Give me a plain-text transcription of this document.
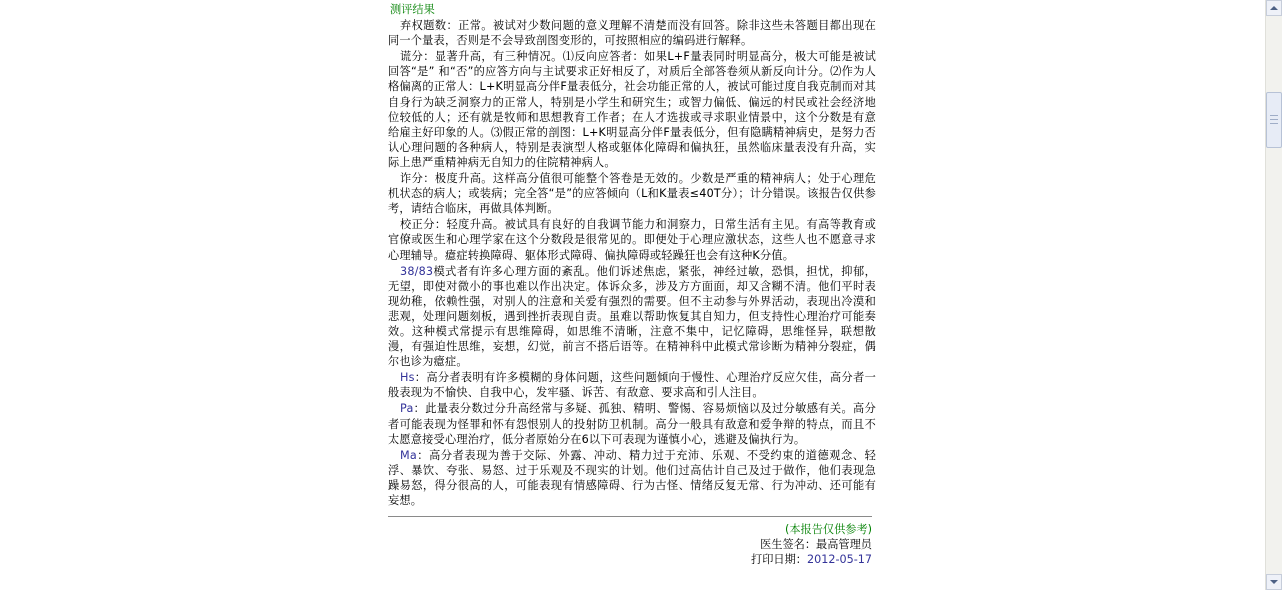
测评结果

弃权题数：正常。被试对少数问题的意义理解不清楚而没有回答。除非这些未答题目都出现在同一个量表，否则是不会导致剖图变形的，可按照相应的编码进行解释。

谎分：显著升高，有三种情况。⑴反向应答者：如果L+F量表同时明显高分，极大可能是被试回答“是” 和“否”的应答方向与主试要求正好相反了，对质后全部答卷须从新反向计分。⑵作为人格偏离的正常人：L+K明显高分伴F量表低分，社会功能正常的人，被试可能过度自我克制而对其自身行为缺乏洞察力的正常人，特别是小学生和研究生；或智力偏低、偏远的村民或社会经济地位较低的人；还有就是牧师和思想教育工作者；在人才选拔或寻求职业情景中，这个分数是有意给雇主好印象的人。⑶假正常的剖图：L+K明显高分伴F量表低分，但有隐瞒精神病史，是努力否认心理问题的各种病人，特别是表演型人格或躯体化障碍和偏执狂，虽然临床量表没有升高，实际上患严重精神病无自知力的住院精神病人。

诈分：极度升高。这样高分值很可能整个答卷是无效的。少数是严重的精神病人；处于心理危机状态的病人；或装病；完全答“是”的应答倾向（L和K量表≤40T分）；计分错误。该报告仅供参考，请结合临床，再做具体判断。

校正分：轻度升高。被试具有良好的自我调节能力和洞察力，日常生活有主见。有高等教育或官僚或医生和心理学家在这个分数段是很常见的。即便处于心理应激状态，这些人也不愿意寻求心理辅导。癔症转换障碍、躯体形式障碍、偏执障碍或轻躁狂也会有这种K分值。

38/83模式者有许多心理方面的紊乱。他们诉述焦虑，紧张，神经过敏，恐惧，担忧，抑郁，无望，即使对微小的事也难以作出决定。体诉众多，涉及方方面面，却又含糊不清。他们平时表现幼稚，依赖性强，对别人的注意和关爱有强烈的需要。但不主动参与外界活动，表现出冷漠和悲观，处理问题刻板，遇到挫折表现自责。虽难以帮助恢复其自知力，但支持性心理治疗可能奏效。这种模式常提示有思维障碍，如思维不清晰，注意不集中，记忆障碍，思维怪异，联想散漫，有强迫性思维，妄想，幻觉，前言不搭后语等。在精神科中此模式常诊断为精神分裂症，偶尔也诊为癔症。

Hs：高分者表明有许多模糊的身体问题，这些问题倾向于慢性、心理治疗反应欠佳，高分者一般表现为不愉快、自我中心，发牢骚、诉苦、有敌意、要求高和引人注目。

Pa：此量表分数过分升高经常与多疑、孤独、精明、警惕、容易烦恼以及过分敏感有关。高分者可能表现为怪罪和怀有怨恨别人的投射防卫机制。高分一般具有敌意和爱争辩的特点，而且不太愿意接受心理治疗，低分者原始分在6以下可表现为谨慎小心，逃避及偏执行为。

Ma：高分者表现为善于交际、外露、冲动、精力过于充沛、乐观、不受约束的道德观念、轻浮、暴饮、夸张、易怒、过于乐观及不现实的计划。他们过高估计自己及过于做作，他们表现急躁易怒，得分很高的人，可能表现有情感障碍、行为古怪、情绪反复无常、行为冲动、还可能有妄想。

(本报告仅供参考)
医生签名：最高管理员
打印日期：2012-05-17
